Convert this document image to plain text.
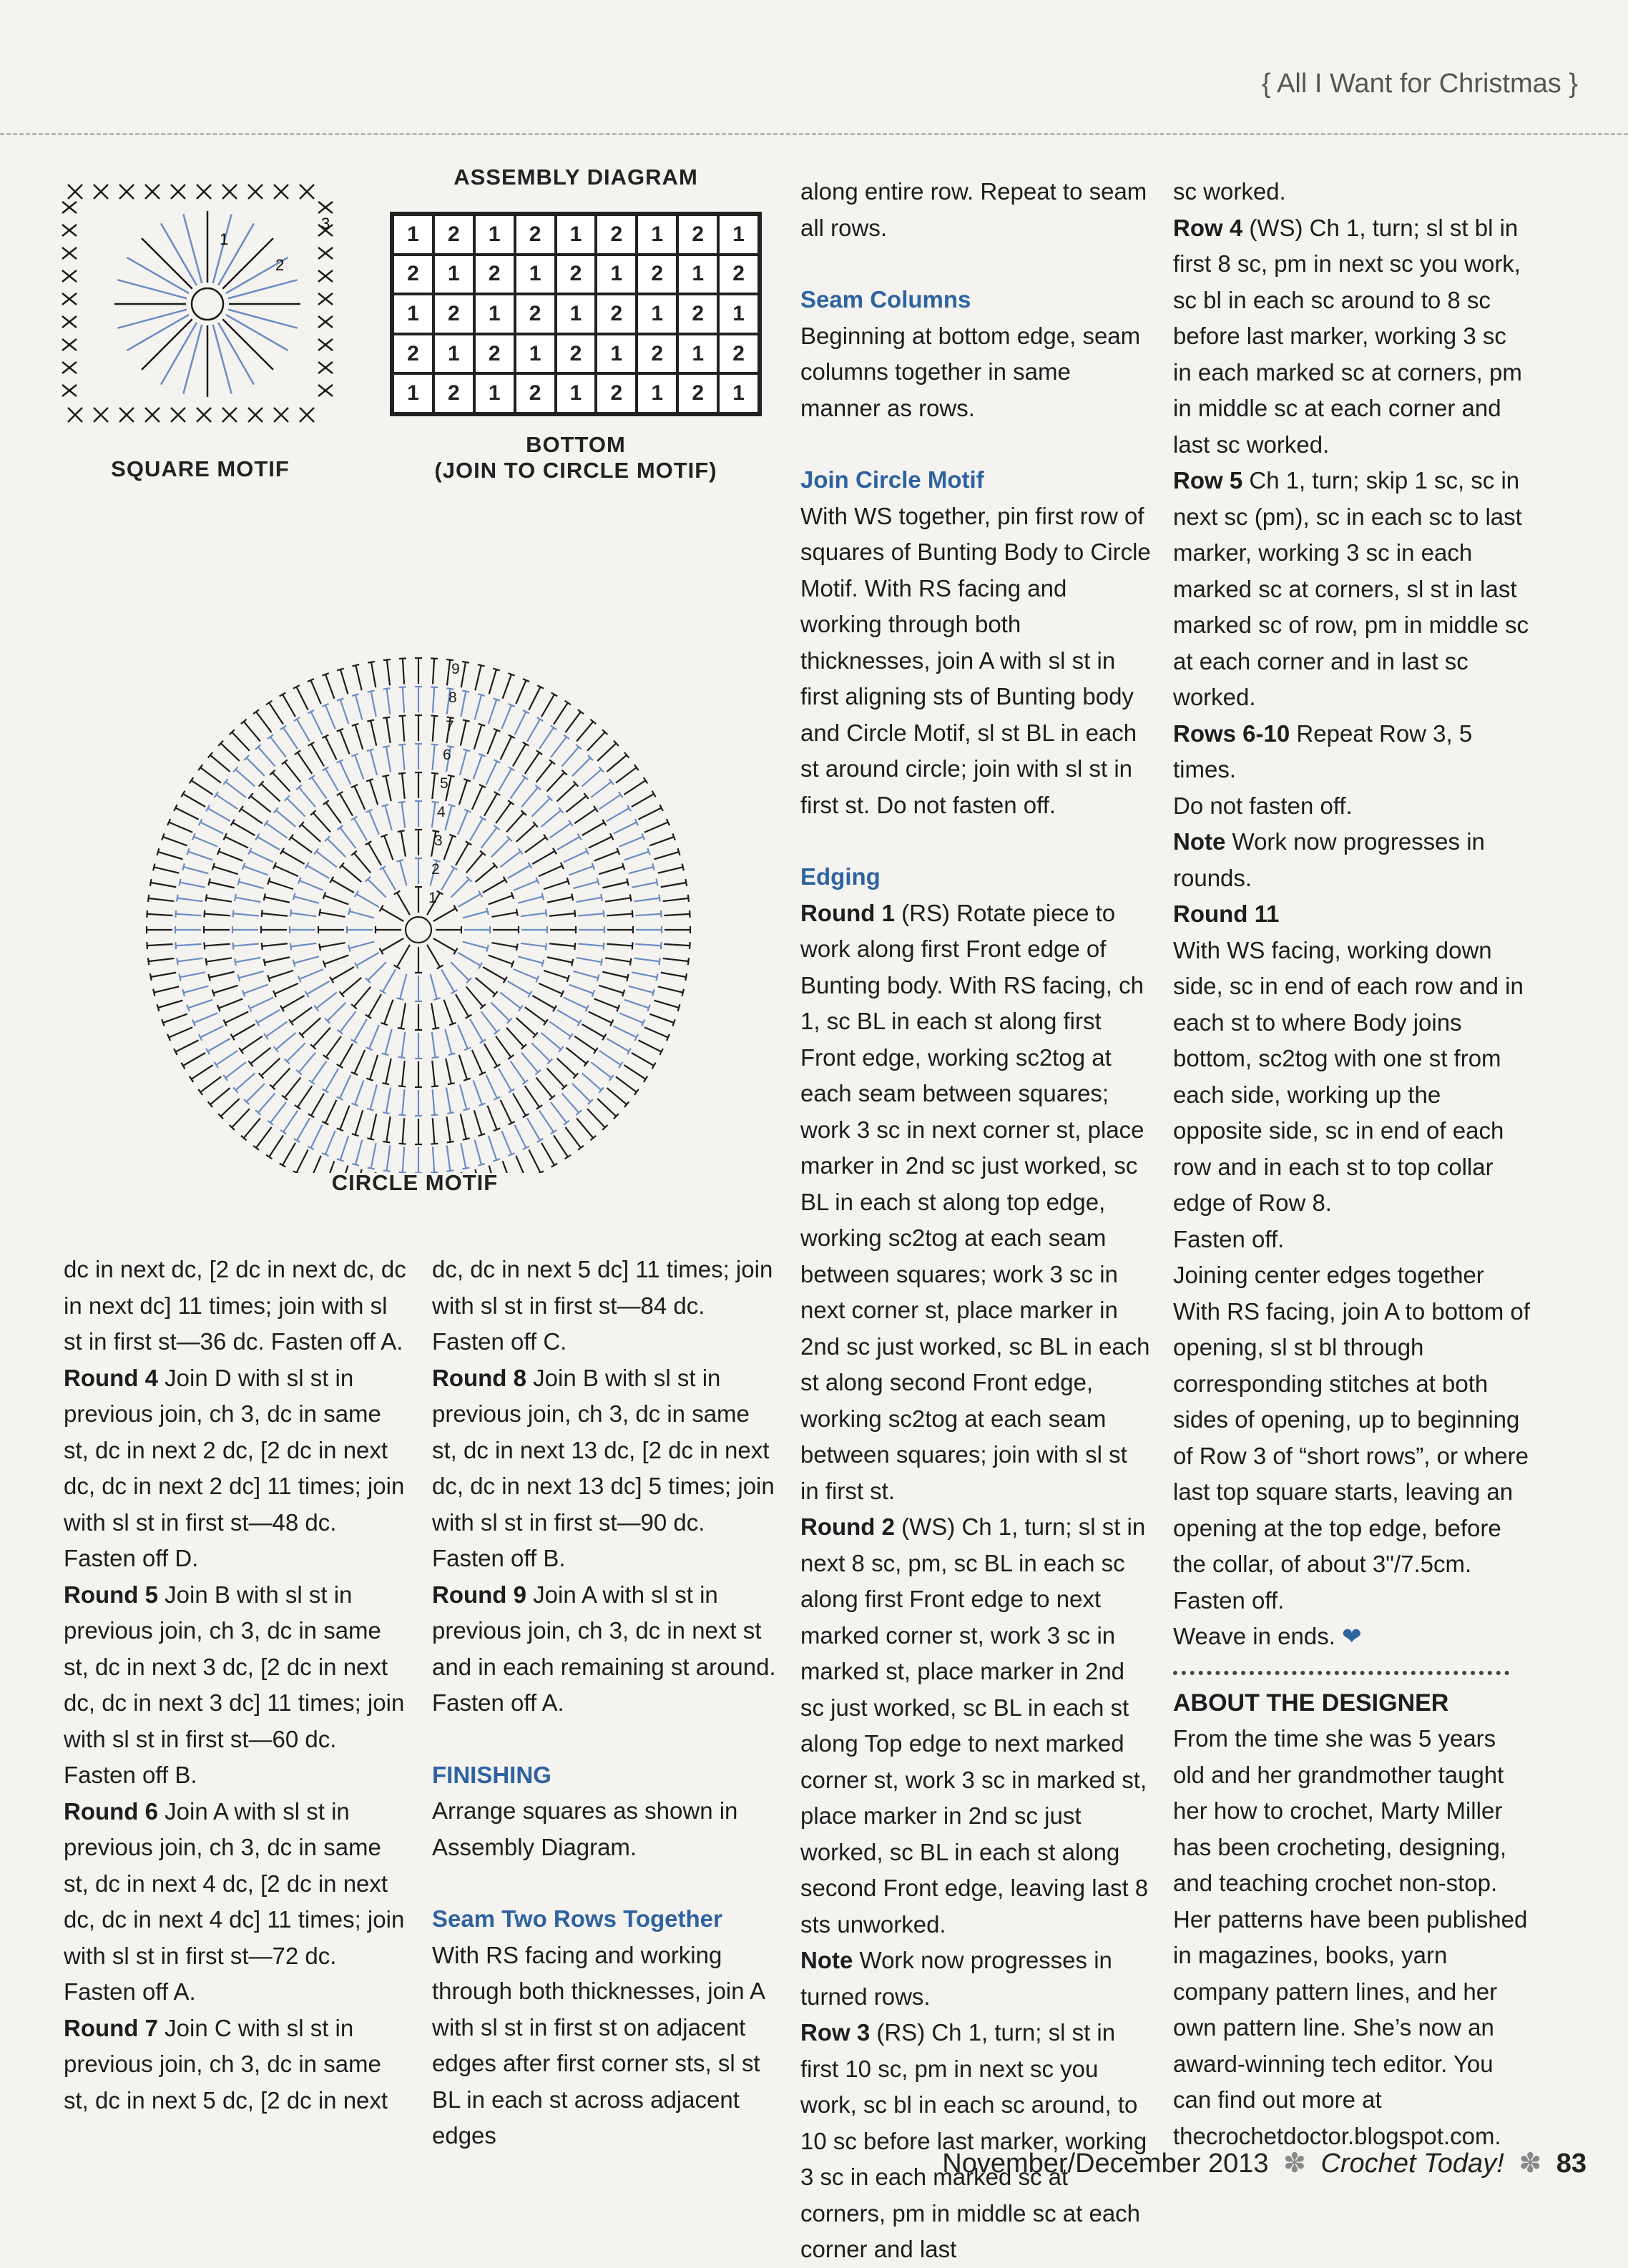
{ All I Want for Christmas }
1
2
3
SQUARE MOTIF
ASSEMBLY DIAGRAM
1	2	1	2	1	2	1	2	1
2	1	2	1	2	1	2	1	2
1	2	1	2	1	2	1	2	1
2	1	2	1	2	1	2	1	2
1	2	1	2	1	2	1	2	1
BOTTOM
(JOIN TO CIRCLE MOTIF)
1
2
3
4
5
6
7
8
9
CIRCLE MOTIF

dc in next dc, [2 dc in next dc, dc in next dc] 11 times; join with sl st in first st—36 dc. Fasten off A.

Round 4 Join D with sl st in previous join, ch 3, dc in same st, dc in next 2 dc, [2 dc in next dc, dc in next 2 dc] 11 times; join with sl st in first st—48 dc. Fasten off D.

Round 5 Join B with sl st in previous join, ch 3, dc in same st, dc in next 3 dc, [2 dc in next dc, dc in next 3 dc] 11 times; join with sl st in first st—60 dc. Fasten off B.

Round 6 Join A with sl st in previous join, ch 3, dc in same st, dc in next 4 dc, [2 dc in next dc, dc in next 4 dc] 11 times; join with sl st in first st—72 dc. Fasten off A.

Round 7 Join C with sl st in previous join, ch 3, dc in same st, dc in next 5 dc, [2 dc in next

dc, dc in next 5 dc] 11 times; join with sl st in first st—84 dc. Fasten off C.

Round 8 Join B with sl st in previous join, ch 3, dc in same st, dc in next 13 dc, [2 dc in next dc, dc in next 13 dc] 5 times; join with sl st in first st—90 dc. Fasten off B.

Round 9 Join A with sl st in previous join, ch 3, dc in next st and in each remaining st around. Fasten off A.

FINISHING

Arrange squares as shown in Assembly Diagram.

Seam Two Rows Together

With RS facing and working through both thicknesses, join A with sl st in first st on adjacent edges after first corner sts, sl st BL in each st across adjacent edges

along entire row. Repeat to seam all rows.

Seam Columns

Beginning at bottom edge, seam columns together in same manner as rows.

Join Circle Motif

With WS together, pin first row of squares of Bunting Body to Circle Motif. With RS facing and working through both thicknesses, join A with sl st in first aligning sts of Bunting body and Circle Motif, sl st BL in each st around circle; join with sl st in first st. Do not fasten off.

Edging

Round 1 (RS) Rotate piece to work along first Front edge of Bunting body. With RS facing, ch 1, sc BL in each st along first Front edge, working sc2tog at each seam between squares; work 3 sc in next corner st, place marker in 2nd sc just worked, sc BL in each st along top edge, working sc2tog at each seam between squares; work 3 sc in next corner st, place marker in 2nd sc just worked, sc BL in each st along second Front edge, working sc2tog at each seam between squares; join with sl st in first st.

Round 2 (WS) Ch 1, turn; sl st in next 8 sc, pm, sc BL in each sc along first Front edge to next marked corner st, work 3 sc in marked st, place marker in 2nd sc just worked, sc BL in each st along Top edge to next marked corner st, work 3 sc in marked st, place marker in 2nd sc just worked, sc BL in each st along second Front edge, leaving last 8 sts unworked.

Note Work now progresses in turned rows.

Row 3 (RS) Ch 1, turn; sl st in first 10 sc, pm in next sc you work, sc bl in each sc around, to 10 sc before last marker, working 3 sc in each marked sc at corners, pm in middle sc at each corner and last

sc worked.

Row 4 (WS) Ch 1, turn; sl st bl in first 8 sc, pm in next sc you work, sc bl in each sc around to 8 sc before last marker, working 3 sc in each marked sc at corners, pm in middle sc at each corner and last sc worked.

Row 5 Ch 1, turn; skip 1 sc, sc in next sc (pm), sc in each sc to last marker, working 3 sc in each marked sc at corners, sl st in last marked sc of row, pm in middle sc at each corner and in last sc worked.

Rows 6-10 Repeat Row 3, 5 times.

Do not fasten off.

Note Work now progresses in rounds.

Round 11

With WS facing, working down side, sc in end of each row and in each st to where Body joins bottom, sc2tog with one st from each side, working up the opposite side, sc in end of each row and in each st to top collar edge of Row 8.

Fasten off.

Joining center edges together

With RS facing, join A to bottom of opening, sl st bl through corresponding stitches at both sides of opening, up to beginning of Row 3 of “short rows”, or where last top square starts, leaving an opening at the top edge, before the collar, of about 3"/7.5cm.

Fasten off.

Weave in ends. ❤

ABOUT THE DESIGNER

From the time she was 5 years old and her grandmother taught her how to crochet, Marty Miller has been crocheting, designing, and teaching crochet non-stop. Her patterns have been published in magazines, books, yarn company pattern lines, and her own pattern line. She’s now an award-winning tech editor. You can find out more at thecrochetdoctor.blogspot.com.

November/December 2013 ✽ Crochet Today! ✽ 83
